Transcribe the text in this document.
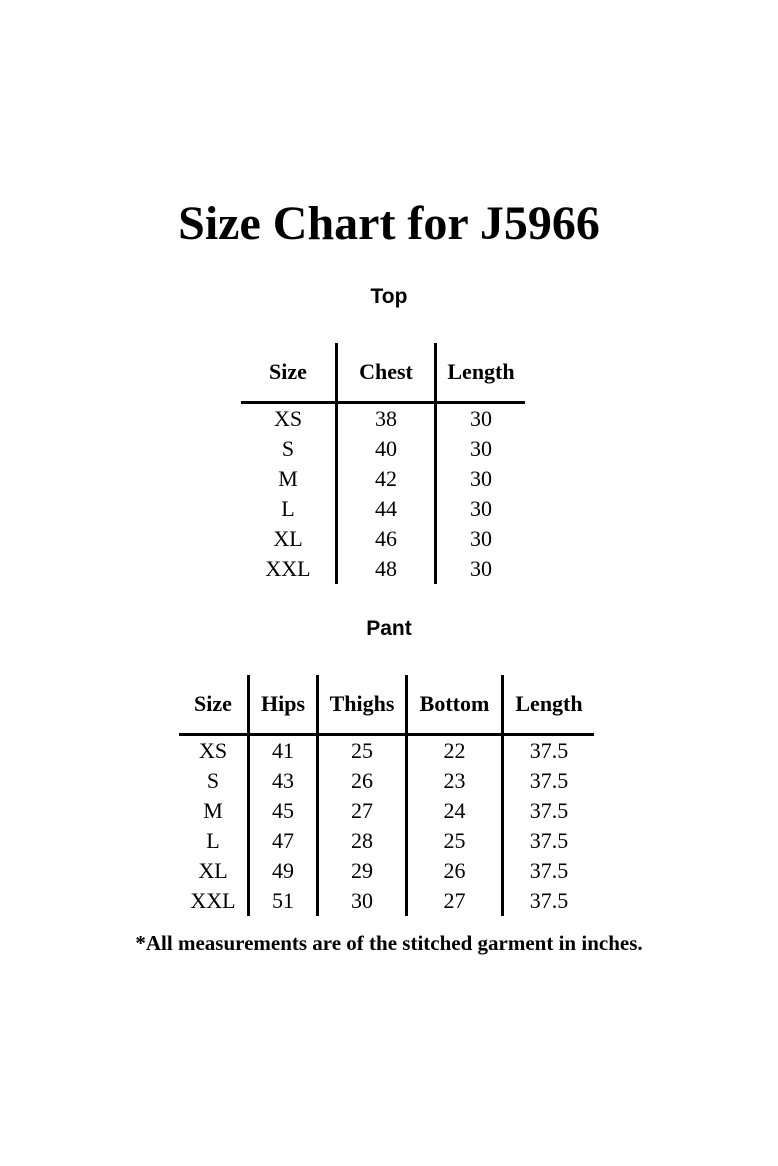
Size Chart for J5966
Top
Size	Chest	Length
XS	38	30
S	40	30
M	42	30
L	44	30
XL	46	30
XXL	48	30
Pant
Size	Hips	Thighs	Bottom	Length
XS	41	25	22	37.5
S	43	26	23	37.5
M	45	27	24	37.5
L	47	28	25	37.5
XL	49	29	26	37.5
XXL	51	30	27	37.5

*All measurements are of the stitched garment in inches.
